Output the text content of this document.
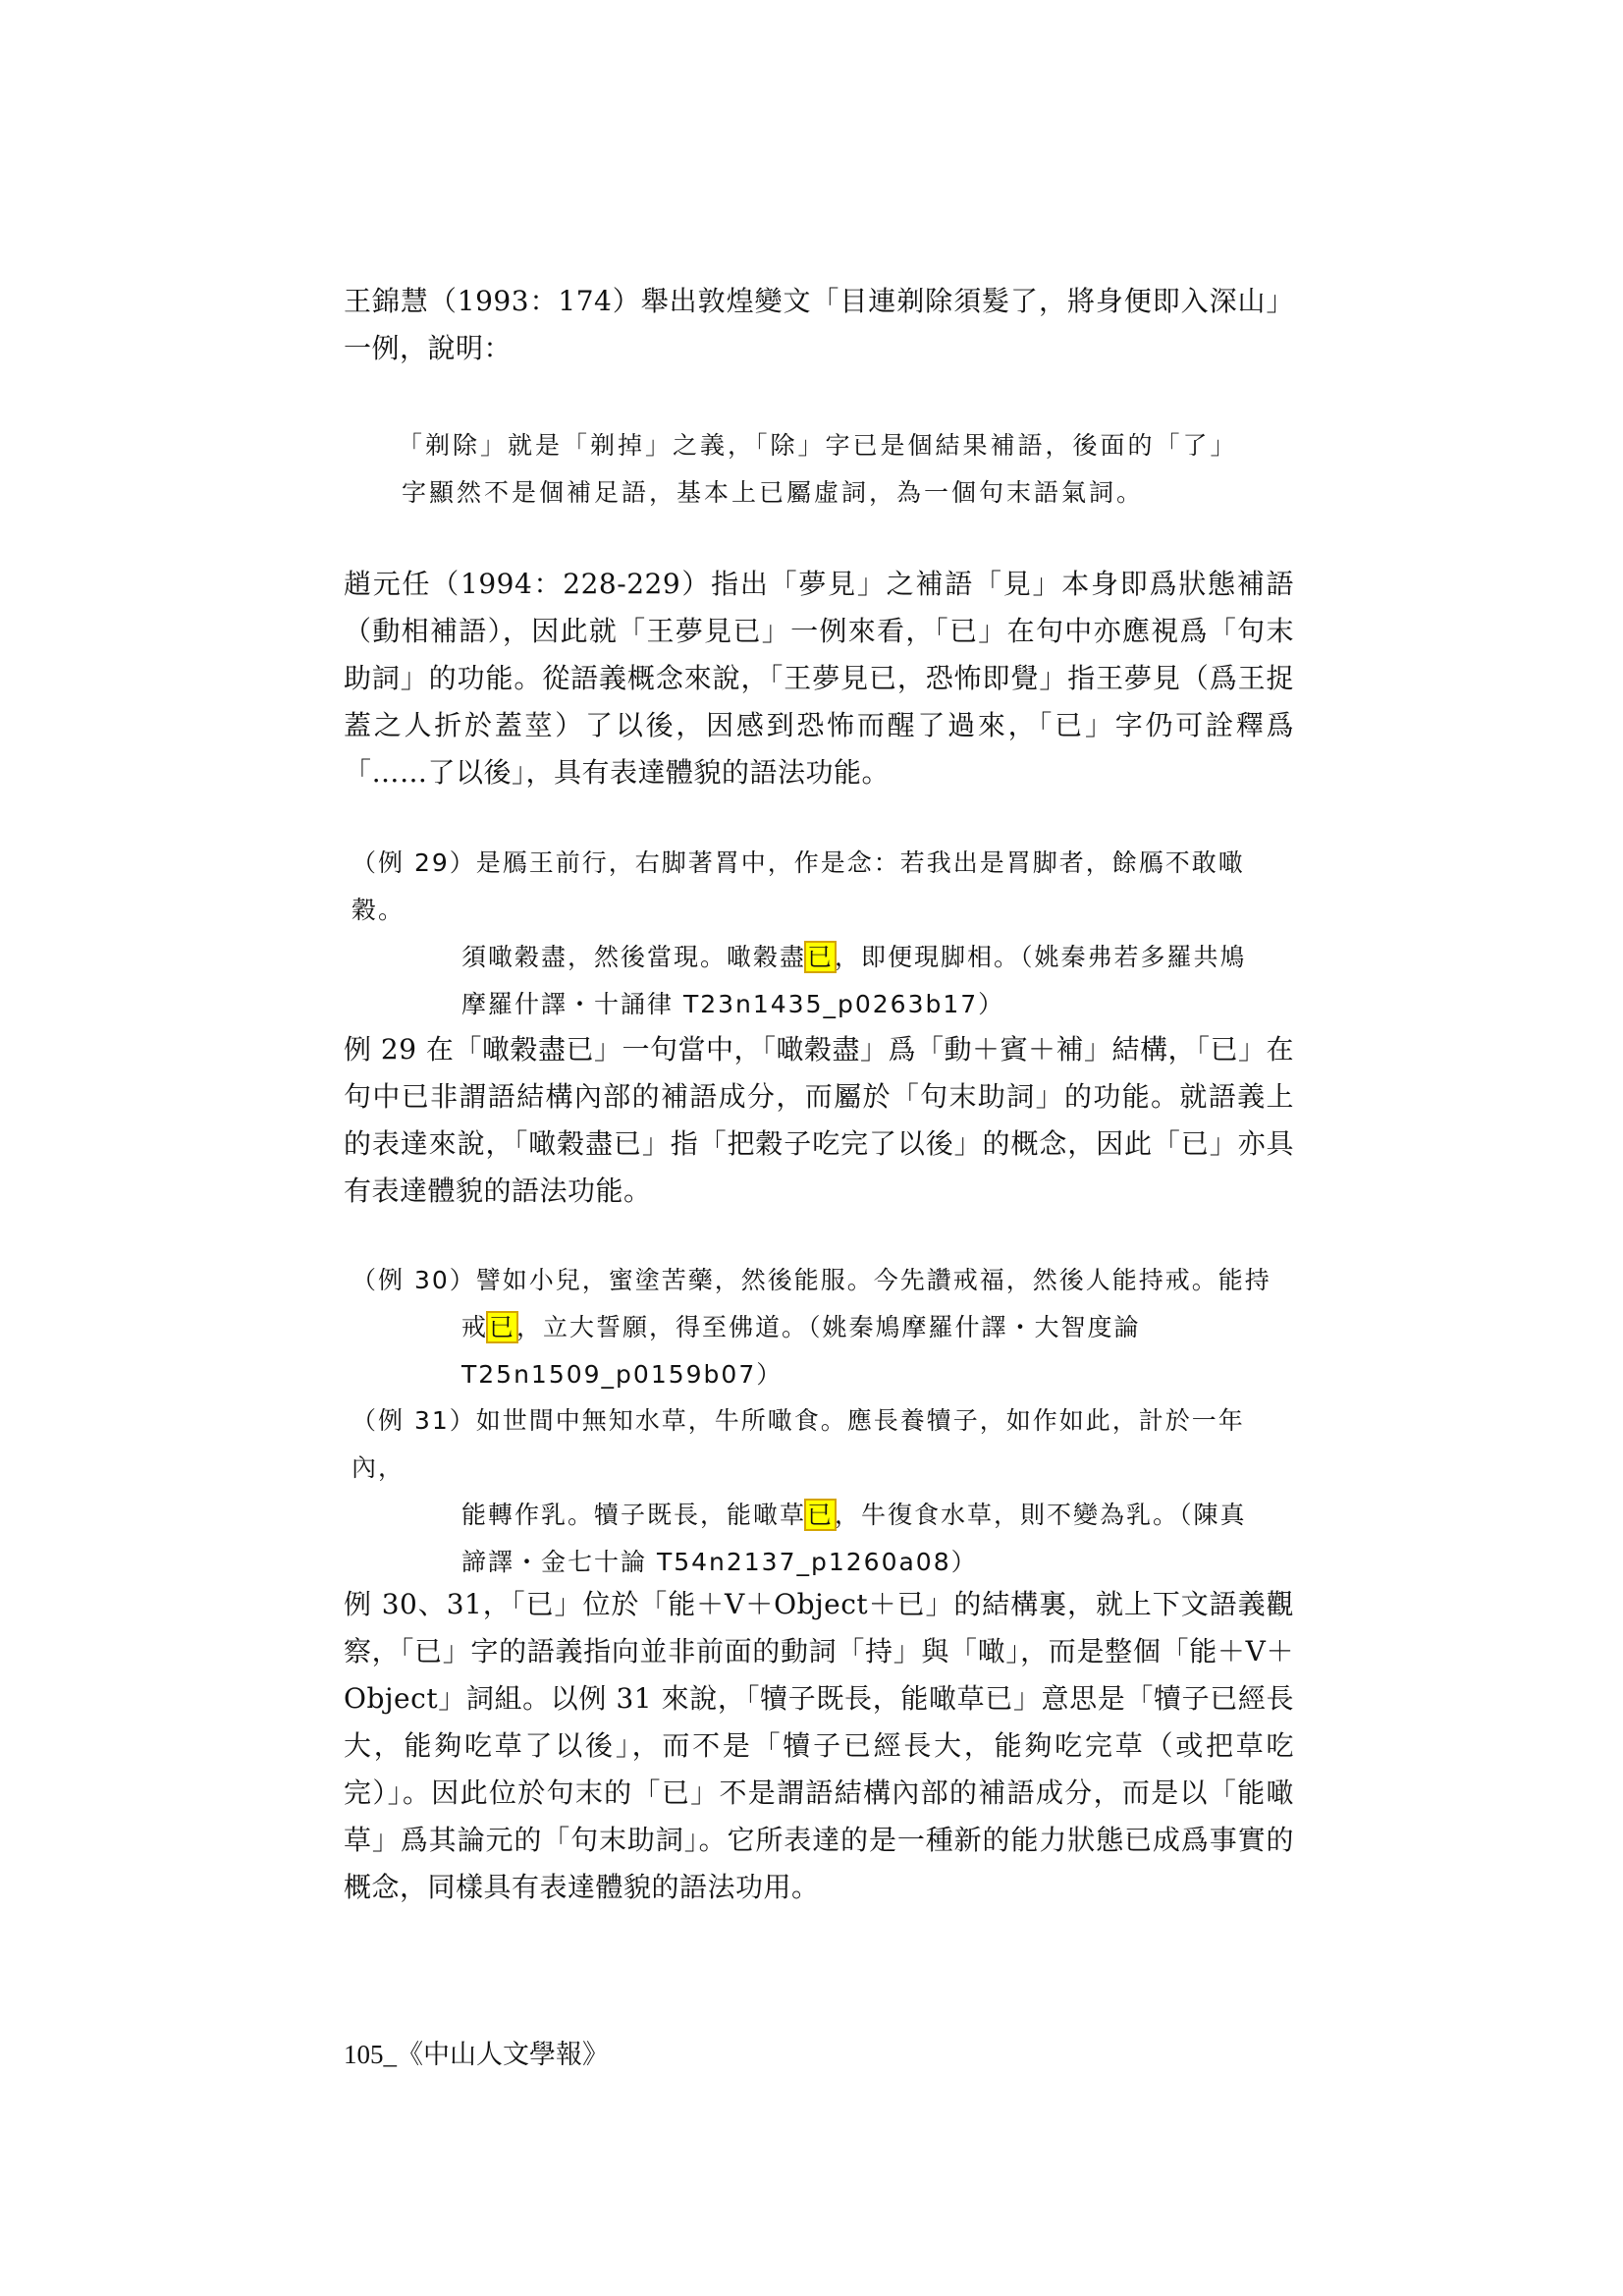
王錦慧（1993：174）舉出敦煌變文「目連剃除須髮了，將身便即入深山」一例，說明：

「剃除」就是「剃掉」之義，「除」字已是個結果補語，後面的「了」

字顯然不是個補足語，基本上已屬虛詞，為一個句末語氣詞。

趙元任（1994：228-229）指出「夢見」之補語「見」本身即爲狀態補語（動相補語），因此就「王夢見已」一例來看，「已」在句中亦應視爲「句末助詞」的功能。從語義概念來說，「王夢見已，恐怖即覺」指王夢見（爲王捉蓋之人折於蓋莖）了以後，因感到恐怖而醒了過來，「已」字仍可詮釋爲「……了以後」，具有表達體貌的語法功能。

（例 29）是鴈王前行，右脚著罥中，作是念：若我出是罥脚者，餘鴈不敢噉穀。
須噉穀盡，然後當現。噉穀盡已，即便現脚相。（姚秦弗若多羅共鳩
摩羅什譯・十誦律 T23n1435_p0263b17）

例 29 在「噉穀盡已」一句當中，「噉穀盡」爲「動＋賓＋補」結構，「已」在句中已非謂語結構內部的補語成分，而屬於「句末助詞」的功能。就語義上的表達來說，「噉穀盡已」指「把穀子吃完了以後」的概念，因此「已」亦具有表達體貌的語法功能。

（例 30）譬如小兒，蜜塗苦藥，然後能服。今先讚戒福，然後人能持戒。能持
戒已，立大誓願，得至佛道。（姚秦鳩摩羅什譯・大智度論
T25n1509_p0159b07）
（例 31）如世間中無知水草，牛所噉食。應長養犢子，如作如此，計於一年內，
能轉作乳。犢子既長，能噉草已，牛復食水草，則不變為乳。（陳真
諦譯・金七十論 T54n2137_p1260a08）

例 30、31，「已」位於「能＋V＋Object＋已」的結構裏，就上下文語義觀察，「已」字的語義指向並非前面的動詞「持」與「噉」，而是整個「能＋V＋Object」詞組。以例 31 來說，「犢子既長，能噉草已」意思是「犢子已經長大，能夠吃草了以後」，而不是「犢子已經長大，能夠吃完草（或把草吃完）」。因此位於句末的「已」不是謂語結構內部的補語成分，而是以「能噉草」爲其論元的「句末助詞」。它所表達的是一種新的能力狀態已成爲事實的概念，同樣具有表達體貌的語法功用。

105_《中山人文學報》
